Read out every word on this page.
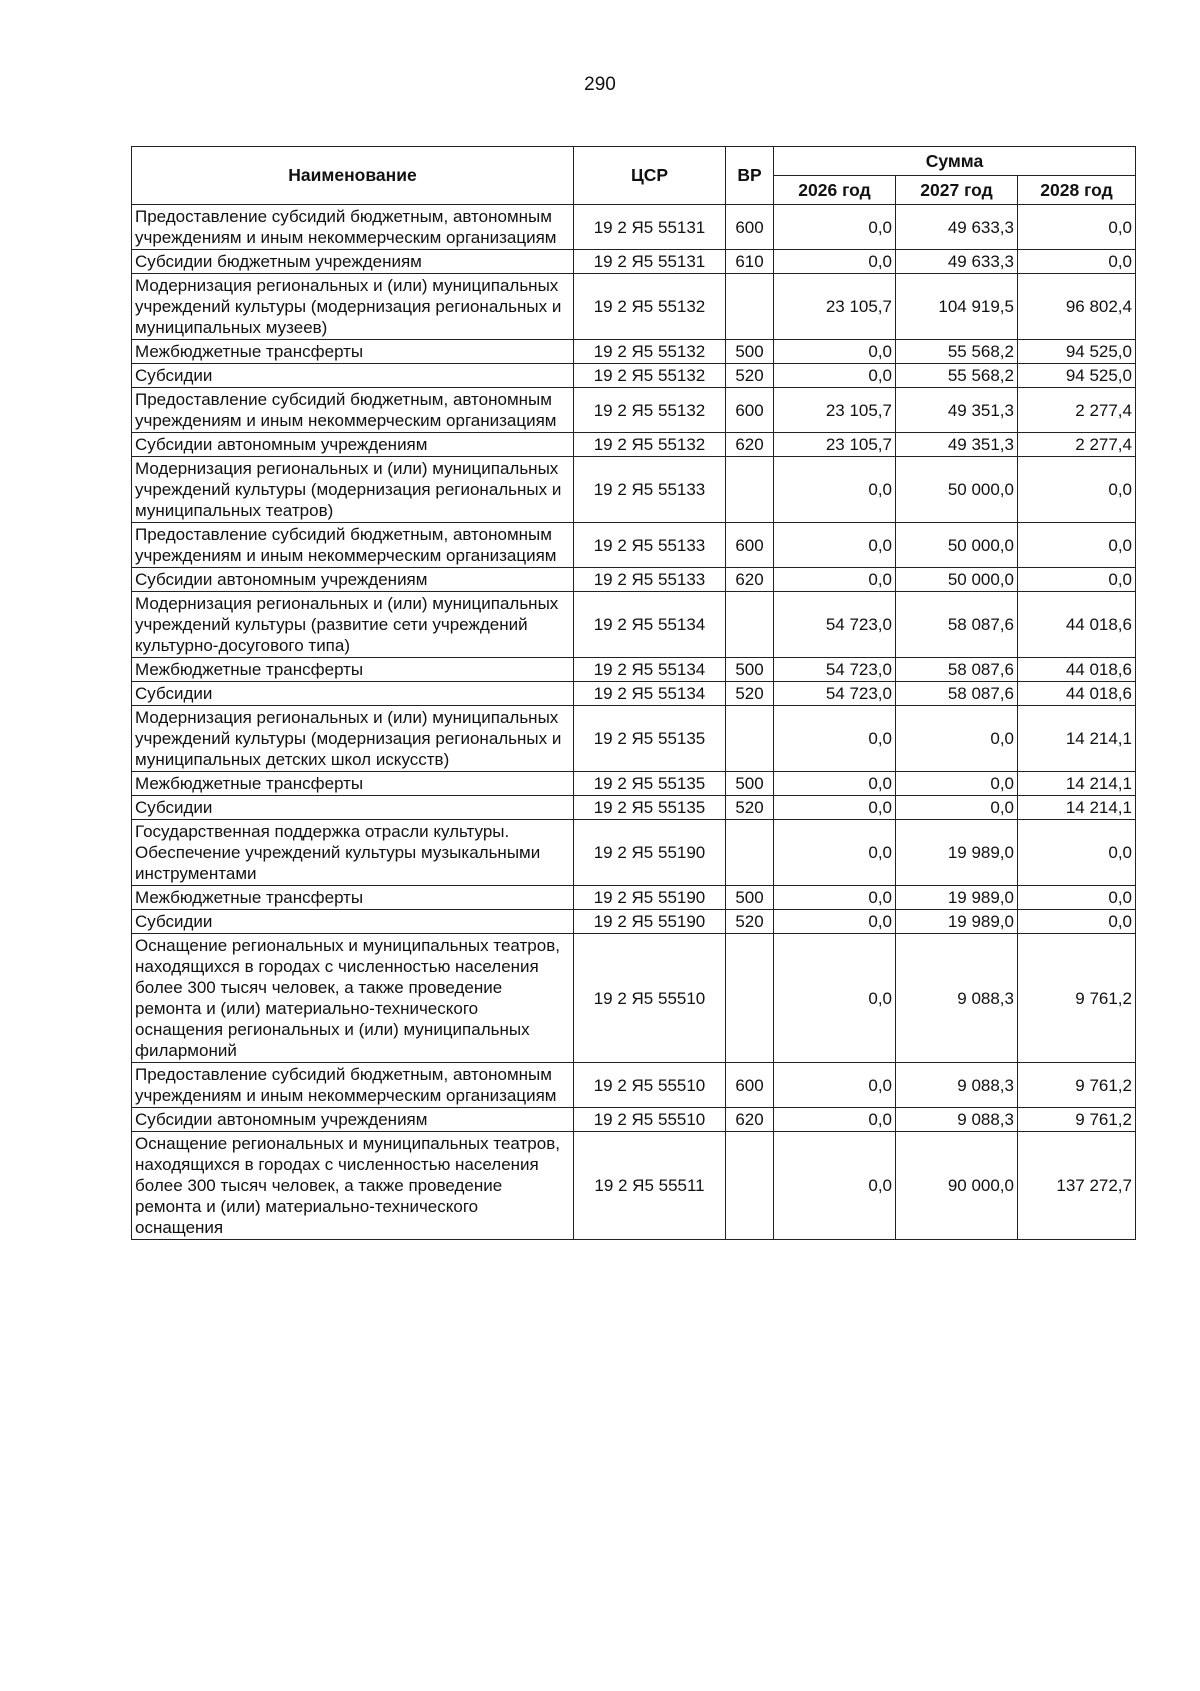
290
Наименование	ЦСР	ВР	Сумма		
			2026 год	2027 год	2028 год
Предоставление субсидий бюджетным, автономным учреждениям и иным некоммерческим организациям	19 2 Я5 55131	600	0,0	49 633,3	0,0
Субсидии бюджетным учреждениям	19 2 Я5 55131	610	0,0	49 633,3	0,0
Модернизация региональных и (или) муниципальных учреждений культуры (модернизация региональных и муниципальных музеев)	19 2 Я5 55132		23 105,7	104 919,5	96 802,4
Межбюджетные трансферты	19 2 Я5 55132	500	0,0	55 568,2	94 525,0
Субсидии	19 2 Я5 55132	520	0,0	55 568,2	94 525,0
Предоставление субсидий бюджетным, автономным учреждениям и иным некоммерческим организациям	19 2 Я5 55132	600	23 105,7	49 351,3	2 277,4
Субсидии автономным учреждениям	19 2 Я5 55132	620	23 105,7	49 351,3	2 277,4
Модернизация региональных и (или) муниципальных учреждений культуры (модернизация региональных и муниципальных театров)	19 2 Я5 55133		0,0	50 000,0	0,0
Предоставление субсидий бюджетным, автономным учреждениям и иным некоммерческим организациям	19 2 Я5 55133	600	0,0	50 000,0	0,0
Субсидии автономным учреждениям	19 2 Я5 55133	620	0,0	50 000,0	0,0
Модернизация региональных и (или) муниципальных учреждений культуры (развитие сети учреждений культурно-досугового типа)	19 2 Я5 55134		54 723,0	58 087,6	44 018,6
Межбюджетные трансферты	19 2 Я5 55134	500	54 723,0	58 087,6	44 018,6
Субсидии	19 2 Я5 55134	520	54 723,0	58 087,6	44 018,6
Модернизация региональных и (или) муниципальных учреждений культуры (модернизация региональных и муниципальных детских школ искусств)	19 2 Я5 55135		0,0	0,0	14 214,1
Межбюджетные трансферты	19 2 Я5 55135	500	0,0	0,0	14 214,1
Субсидии	19 2 Я5 55135	520	0,0	0,0	14 214,1
Государственная поддержка отрасли культуры. Обеспечение учреждений культуры музыкальными инструментами	19 2 Я5 55190		0,0	19 989,0	0,0
Межбюджетные трансферты	19 2 Я5 55190	500	0,0	19 989,0	0,0
Субсидии	19 2 Я5 55190	520	0,0	19 989,0	0,0
Оснащение региональных и муниципальных театров, находящихся в городах с численностью населения более 300 тысяч человек, а также проведение ремонта и (или) материально-технического оснащения региональных и (или) муниципальных филармоний	19 2 Я5 55510		0,0	9 088,3	9 761,2
Предоставление субсидий бюджетным, автономным учреждениям и иным некоммерческим организациям	19 2 Я5 55510	600	0,0	9 088,3	9 761,2
Субсидии автономным учреждениям	19 2 Я5 55510	620	0,0	9 088,3	9 761,2
Оснащение региональных и муниципальных театров, находящихся в городах с численностью населения более 300 тысяч человек, а также проведение ремонта и (или) материально-технического оснащения	19 2 Я5 55511		0,0	90 000,0	137 272,7
